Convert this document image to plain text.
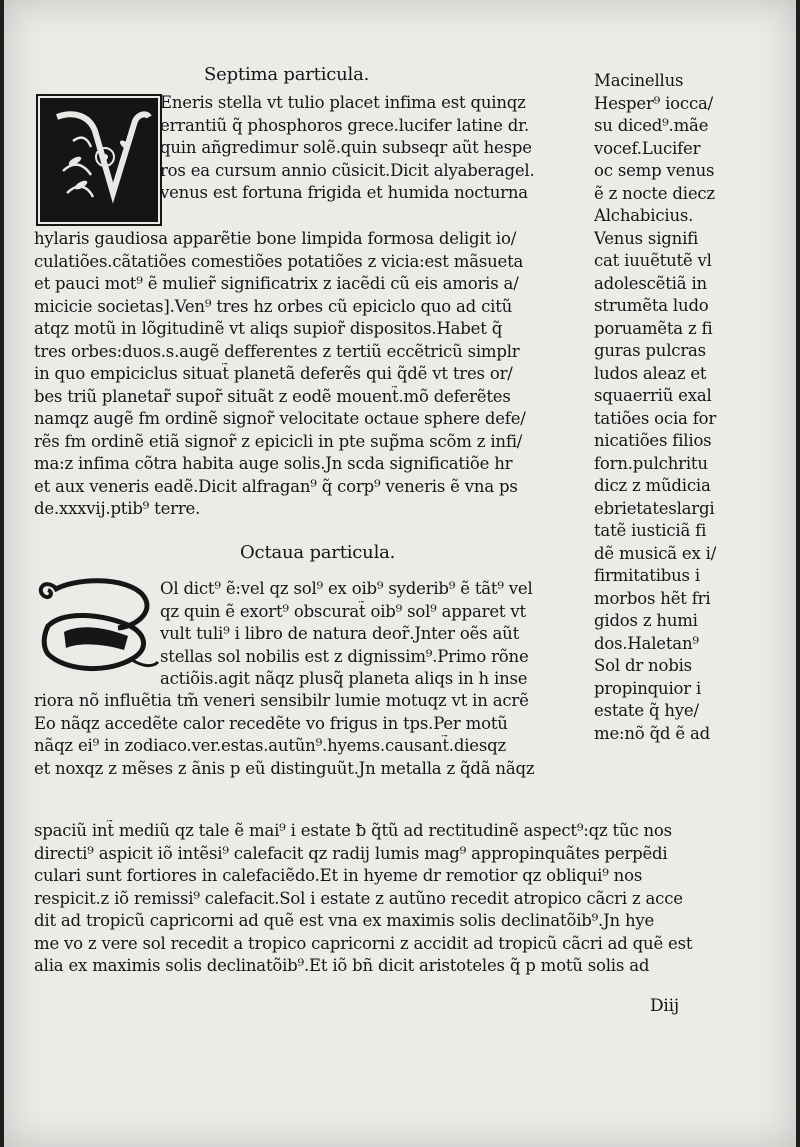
Septima particula.
Eneris stella vt tulio placet infima est quinqz
errantiũ q̃ phosphoros grece.lucifer latine dr.
quin añgredimur solẽ.quin subseqr aũt hespe
ros ea cursum annio cũsicit.Dicit alyaberagel.
venus est fortuna frigida et humida nocturna
hylaris gaudiosa apparẽtie bone limpida formosa deligit io/
culatiões.cãtatiões comestiões potatiões z vicia:est mãsueta
et pauci mot⁹ ẽ mulier̃ significatrix z iacẽdi cũ eis amoris a/
micicie societas].Ven⁹ tres hz orbes cũ epiciclo quo ad citũ
atqz motũ in lõgitudinẽ vt aliqs supior̃ dispositos.Habet q̃
tres orbes:duos.s.augẽ defferentes z tertiũ eccẽtricũ simplr
in quo empiciclus situat̃ planetã deferẽs qui q̃dẽ vt tres or/
bes triũ planetar̃ supor̃ situãt z eodẽ mouent̃.mõ deferẽtes
namqz augẽ fm ordinẽ signor̃ velocitate octaue sphere defe/
rẽs fm ordinẽ etiã signor̃ z epicicli in pte sup̃ma scõm z infi/
ma:z infima cõtra habita auge solis.Jn scda significatiõe hr
et aux veneris eadẽ.Dicit alfragan⁹ q̃ corp⁹ veneris ẽ vna ps
de.xxxvij.ptib⁹ terre.
Octaua particula.
Ol dict⁹ ẽ:vel qz sol⁹ ex oib⁹ syderib⁹ ẽ tãt⁹ vel
qz quin ẽ exort⁹ obscurat̃ oib⁹ sol⁹ apparet vt
vult tuli⁹ i libro de natura deor̃.Jnter oẽs aũt
stellas sol nobilis est z dignissim⁹.Primo rõne
actiõis.agit nãqz plusq̃ planeta aliqs in h inse
riora nõ influẽtia tm̃ veneri sensibilr lumie motuqz vt in acrẽ
Eo nãqz accedẽte calor recedẽte vo frigus in tps.Per motũ
nãqz ei⁹ in zodiaco.ver.estas.autũn⁹.hyems.causant̃.diesqz
et noxqz z mẽses z ãnis p eũ distinguũt.Jn metalla z q̃dã nãqz
Macinellus
Hesper⁹ iocca/
su diced⁹.mãe
vocef.Lucifer
oc semp venus
ẽ z nocte diecz
Alchabicius.
Venus signifi
cat iuuẽtutẽ vl
adolescẽtiã in
strumẽta ludo
poruamẽta z fi
guras pulcras
ludos aleaz et
squaerriũ exal
tatiões ocia for
nicatiões filios
forn.pulchritu
dicz z mũdicia
ebrietateslargi
tatẽ iusticiã fi
dẽ musicã ex i/
firmitatibus i
morbos hẽt fri
gidos z humi
dos.Haletan⁹
Sol dr nobis
propinquior i
estate q̃ hye/
me:nõ q̃d ẽ ad
spaciũ int̃ mediũ qz tale ẽ mai⁹ i estate ƀ q̃tũ ad rectitudinẽ aspect⁹:qz tũc nos
directi⁹ aspicit iõ intẽsi⁹ calefacit qz radij lumis mag⁹ appropinquãtes perpẽdi
culari sunt fortiores in calefaciẽdo.Et in hyeme dr remotior qz obliqui⁹ nos
respicit.z iõ remissi⁹ calefacit.Sol i estate z autũno recedit atropico cãcri z acce
dit ad tropicũ capricorni ad quẽ est vna ex maximis solis declinatõib⁹.Jn hye
me vo z vere sol recedit a tropico capricorni z accidit ad tropicũ cãcri ad quẽ est
alia ex maximis solis declinatõib⁹.Et iõ bñ dicit aristoteles q̃ p motũ solis ad
Diij
